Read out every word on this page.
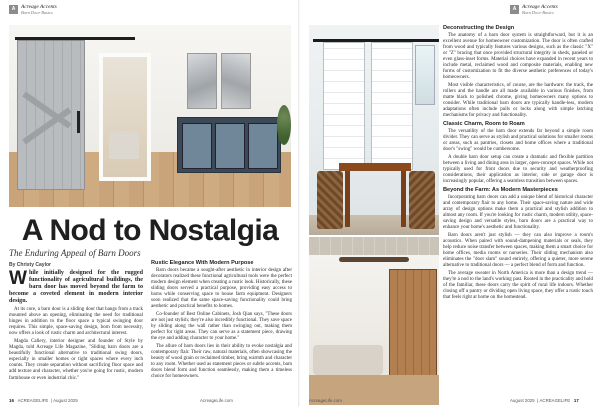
A	Acreage Accents
Barn Door Basics
A Nod to Nostalgia
The Enduring Appeal of Barn Doors
By Christy Caylor
W hile initially designed for the rugged functionality of agricultural buildings, the barn door has moved beyond the farm to become a coveted element in modern interior design.

At its core, a barn door is a sliding door that hangs from a track mounted above an opening, eliminating the need for traditional hinges in addition to the floor space a typical swinging door requires. This simple, space-saving design, born from necessity, now offers a look of rustic charm and architectural interest.

Magda Callery, interior designer and founder of Style by Magda, told Acreage Life Magazine, "Sliding barn doors are a beautifully functional alternative to traditional swing doors, especially in smaller homes or tight spaces where every inch counts. They create separation without sacrificing floor space and add texture and character, whether you're going for rustic, modern farmhouse or even industrial chic."

Rustic Elegance With Modern Purpose

Barn doors became a sought-after aesthetic in interior design after decorators realized these functional agricultural tools were the perfect modern design element when creating a rustic look. Historically, these sliding doors served a practical purpose, providing easy access to barns while conserving space to house farm equipment. Designers soon realized that the same space-saving functionality could bring aesthetic and practical benefits to homes.

Co-founder of Best Online Cabinets, Josh Qian says, "These doors are not just stylish; they're also incredibly functional. They save space by sliding along the wall rather than swinging out, making them perfect for tight areas. They can serve as a statement piece, drawing the eye and adding character to your home."

The allure of barn doors lies in their ability to evoke nostalgia and contemporary flair. Their raw, natural materials, often showcasing the beauty of wood grain or reclaimed timber, bring warmth and character to any room. Whether used as statement pieces or subtle accents, barn doors blend form and function seamlessly, making them a timeless choice for homeowners.

16 ACREAGELIFE  | August 2025	AcreageLife.com
A	Acreage Accents
Barn Door Basics
Deconstructing the Design

The anatomy of a barn door system is straightforward, but it is an excellent avenue for homeowner customization. The door is often crafted from wood and typically features various designs, such as the classic "X" or "Z" bracing that once provided structural integrity in sheds, paneled or even glass-inset forms. Material choices have expanded in recent years to include metal, reclaimed wood and composite materials, enabling new forms of customization to fit the diverse aesthetic preferences of today's homeowners.

Most visible characteristics, of course, are the hardware: the track, the rollers and the handle are all made available in various finishes, from matte black to polished chrome, giving homeowners many options to consider. While traditional barn doors are typically handle-less, modern adaptations often include pulls or locks along with simple latching mechanisms for privacy and functionality.

Classic Charm, Room to Roam

The versatility of the barn door extends far beyond a simple room divider. They can serve as stylish and practical solutions for smaller rooms or areas, such as pantries, closets and home offices where a traditional door's "swing" would be cumbersome.

A double barn door setup can create a dramatic and flexible partition between a living and dining area in larger, open-concept spaces. While not typically used for front doors due to security and weatherproofing considerations, their application as interior, side or garage door is increasingly popular, offering a seamless transition between spaces.

Beyond the Farm: As Modern Masterpieces

Incorporating barn doors can add a unique blend of historical character and contemporary flair to any home. Their space-saving nature and wide array of design options make them a practical and stylish addition to almost any room. If you're looking for rustic charm, modern utility, space-saving design and versatile styles, barn doors are a practical way to enhance your home's aesthetic and functionality.

Barn doors aren't just stylish — they can also improve a room's acoustics. When paired with sound-dampening materials or seals, they help reduce noise transfer between spaces, making them a smart choice for home offices, media rooms or nurseries. Their sliding mechanism also eliminates the "door slam" sound entirely, offering a quieter, more serene alternative to traditional doors — a perfect blend of form and function.

The average sweater in North America is more than a design trend — they're a nod to the land's working past. Rooted in the practicality and hold of the familiar, these doors carry the spirit of rural life indoors. Whether closing off a pantry or dividing open living space, they offer a rustic touch that feels right at home on the homestead.

AcreageLife.com	August 2025  | ACREAGELIFE 17
